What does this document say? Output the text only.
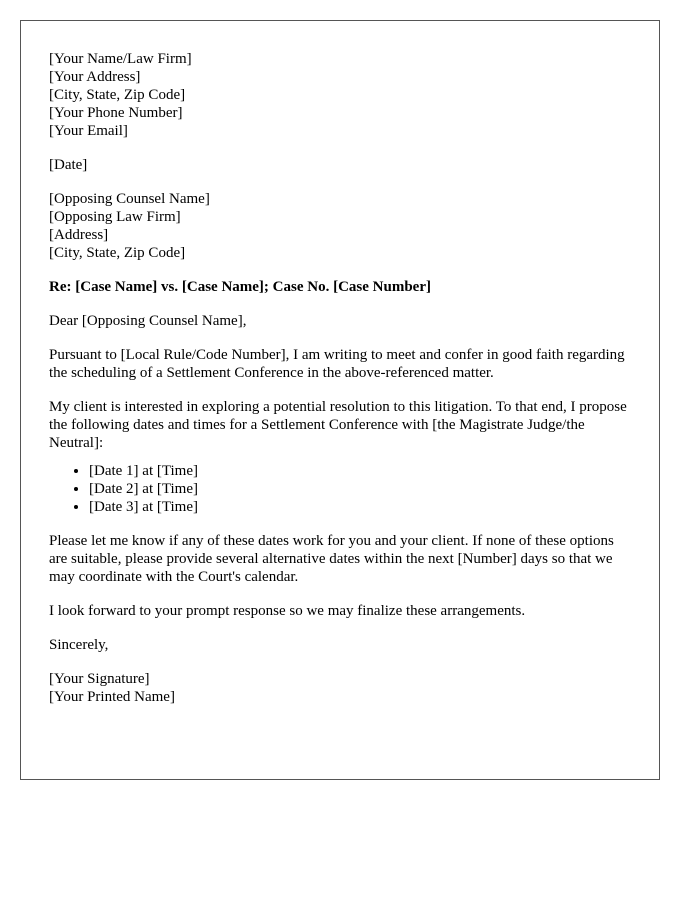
[Your Name/Law Firm]
[Your Address]
[City, State, Zip Code]
[Your Phone Number]
[Your Email]
[Date]
[Opposing Counsel Name]
[Opposing Law Firm]
[Address]
[City, State, Zip Code]

Re: [Case Name] vs. [Case Name]; Case No. [Case Number]

Dear [Opposing Counsel Name],

Pursuant to [Local Rule/Code Number], I am writing to meet and confer in good faith regarding the scheduling of a Settlement Conference in the above-referenced matter.

My client is interested in exploring a potential resolution to this litigation. To that end, I propose the following dates and times for a Settlement Conference with [the Magistrate Judge/the Neutral]:

• [Date 1] at [Time]
• [Date 2] at [Time]
• [Date 3] at [Time]

Please let me know if any of these dates work for you and your client. If none of these options are suitable, please provide several alternative dates within the next [Number] days so that we may coordinate with the Court's calendar.

I look forward to your prompt response so we may finalize these arrangements.

Sincerely,

[Your Signature]
[Your Printed Name]
